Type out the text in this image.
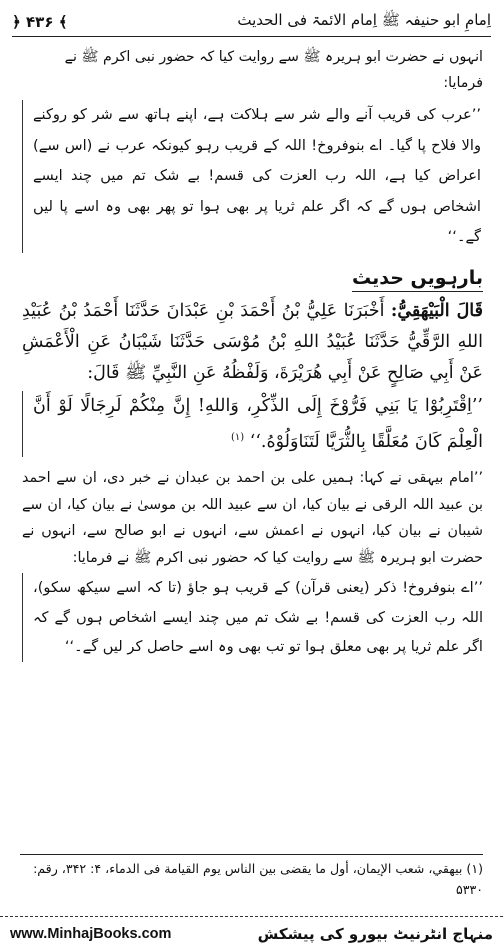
﴿ ۴۳۶ ﴾	اِمامِ ابو حنیفہ ﷺ اِمام الائمۃ فی الحدیث

انہوں نے حضرت ابو ہریرہ ﷺ سے روایت کیا کہ حضور نبی اکرم ﷺ نے فرمایا:

’’عرب کی قریب آنے والے شر سے ہلاکت ہے، اپنے ہاتھ سے شر کو روکنے والا فلاح پا گیا۔ اے بنوفروخ! اللہ کے قریب رہو کیونکہ عرب نے (اس سے) اعراض کیا ہے، اللہ رب العزت کی قسم! بے شک تم میں چند ایسے اشخاص ہوں گے کہ اگر علم ثریا پر بھی ہوا تو پھر بھی وہ اسے پا لیں گے۔‘‘
بارہویں حدیث
قَالَ الْبَيْهَقِيُّ: أَخْبَرَنَا عَلِيُّ بْنُ أَحْمَدَ بْنِ عَبْدَانَ حَدَّثَنَا أَحْمَدُ بْنُ عُبَيْدِ اللهِ الرَّقِّيُّ حَدَّثَنَا عُبَيْدُ اللهِ بْنُ مُوْسَى حَدَّثَنَا شَيْبَانُ عَنِ الْأَعْمَشِ عَنْ أَبِي صَالِحٍ عَنْ أَبِي هُرَيْرَةَ، وَلَفْظُهُ عَنِ النَّبِيِّ ﷺ قَالَ:
’’اِقْتَرِبُوْا يَا بَنِي فَرُّوْخَ إِلَى الذِّكْرِ، وَاللهِ! إِنَّ مِنْكُمْ لَرِجَالًا لَوْ أَنَّ الْعِلْمَ كَانَ مُعَلَّقًا بِالثُّرَيَّا لَتَنَاوَلُوْهُ.‘‘ $^{(۱)}$
’’امام بیہقی نے کہا: ہمیں علی بن احمد بن عبدان نے خبر دی، ان سے احمد بن عبید اللہ الرقی نے بیان کیا، ان سے عبید اللہ بن موسیٰ نے بیان کیا، ان سے شیبان نے بیان کیا، انہوں نے اعمش سے، انہوں نے ابو صالح سے، انہوں نے حضرت ابو ہریرہ ﷺ سے روایت کیا کہ حضور نبی اکرم ﷺ نے فرمایا:
’’اے بنوفروخ! ذکر (یعنی قرآن) کے قریب ہو جاؤ (تا کہ اسے سیکھ سکو)، اللہ رب العزت کی قسم! بے شک تم میں چند ایسے اشخاص ہوں گے کہ اگر علم ثریا پر بھی معلق ہوا تو تب بھی وہ اسے حاصل کر لیں گے۔‘‘
(۱) بيهقي، شعب الإيمان، أول ما يقضى بين الناس يوم القيامة فى الدماء، ۴: ۳۴۲، رقم: ۵۳۳۰
www.MinhajBooks.com	منہاج انٹرنیٹ بیورو کی پیشکش
